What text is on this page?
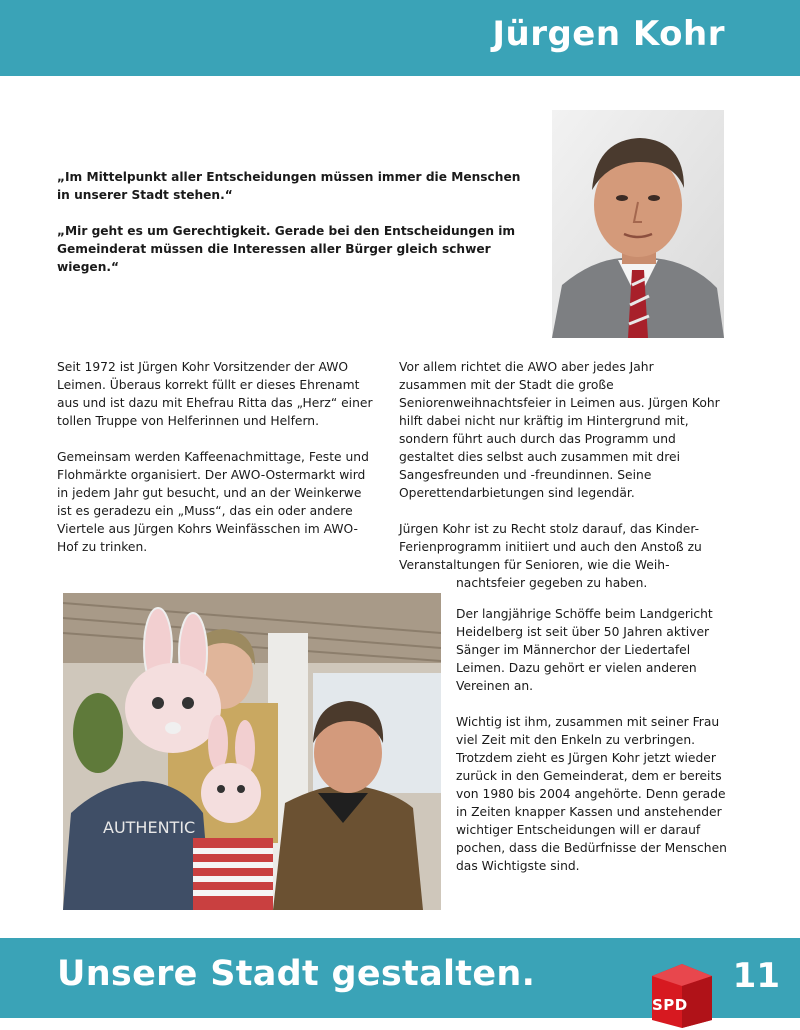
Jürgen Kohr

„Im Mittelpunkt aller Entscheidungen müssen immer die Menschen in unserer Stadt stehen.“

„Mir geht es um Gerechtigkeit. Gerade bei den Entscheidungen im Gemeinderat müssen die Interessen aller Bürger gleich schwer wiegen.“

Seit 1972 ist Jürgen Kohr Vorsitzender der AWO Leimen. Überaus korrekt füllt er dieses Ehrenamt aus und ist dazu mit Ehefrau Ritta das „Herz“ einer tollen Truppe von Helferinnen und Helfern.

Gemeinsam werden Kaffeenachmittage, Feste und Flohmärkte organisiert. Der AWO-Ostermarkt wird in jedem Jahr gut besucht, und an der Weinkerwe ist es geradezu ein „Muss“, das ein oder andere Viertele aus Jürgen Kohrs Weinfässchen im AWO-Hof zu trinken.

Vor allem richtet die AWO aber jedes Jahr zusammen mit der Stadt die große Seniorenweihnachtsfeier in Leimen aus. Jürgen Kohr hilft dabei nicht nur kräftig im Hintergrund mit, sondern führt auch durch das Programm und gestaltet dies selbst auch zusammen mit drei Sangesfreunden und -freundinnen. Seine Operettendarbietungen sind legendär.

Jürgen Kohr ist zu Recht stolz darauf, das Kinder-Ferienprogramm initiiert und auch den Anstoß zu Veranstaltungen für Senioren, wie die Weih-
nachtsfeier gegeben zu haben.

AUTHENTIC

Der langjährige Schöffe beim Landgericht Heidelberg ist seit über 50 Jahren aktiver Sänger im Männerchor der Liedertafel Leimen. Dazu gehört er vielen anderen Vereinen an.

Wichtig ist ihm, zusammen mit seiner Frau viel Zeit mit den Enkeln zu verbringen. Trotzdem zieht es Jürgen Kohr jetzt wieder zurück in den Gemeinderat, dem er bereits von 1980 bis 2004 angehörte. Denn gerade in Zeiten knapper Kassen und anstehender wichtiger Entscheidungen will er darauf pochen, dass die Bedürfnisse der Menschen das Wichtigste sind.

Unsere Stadt gestalten.	11
SPD
